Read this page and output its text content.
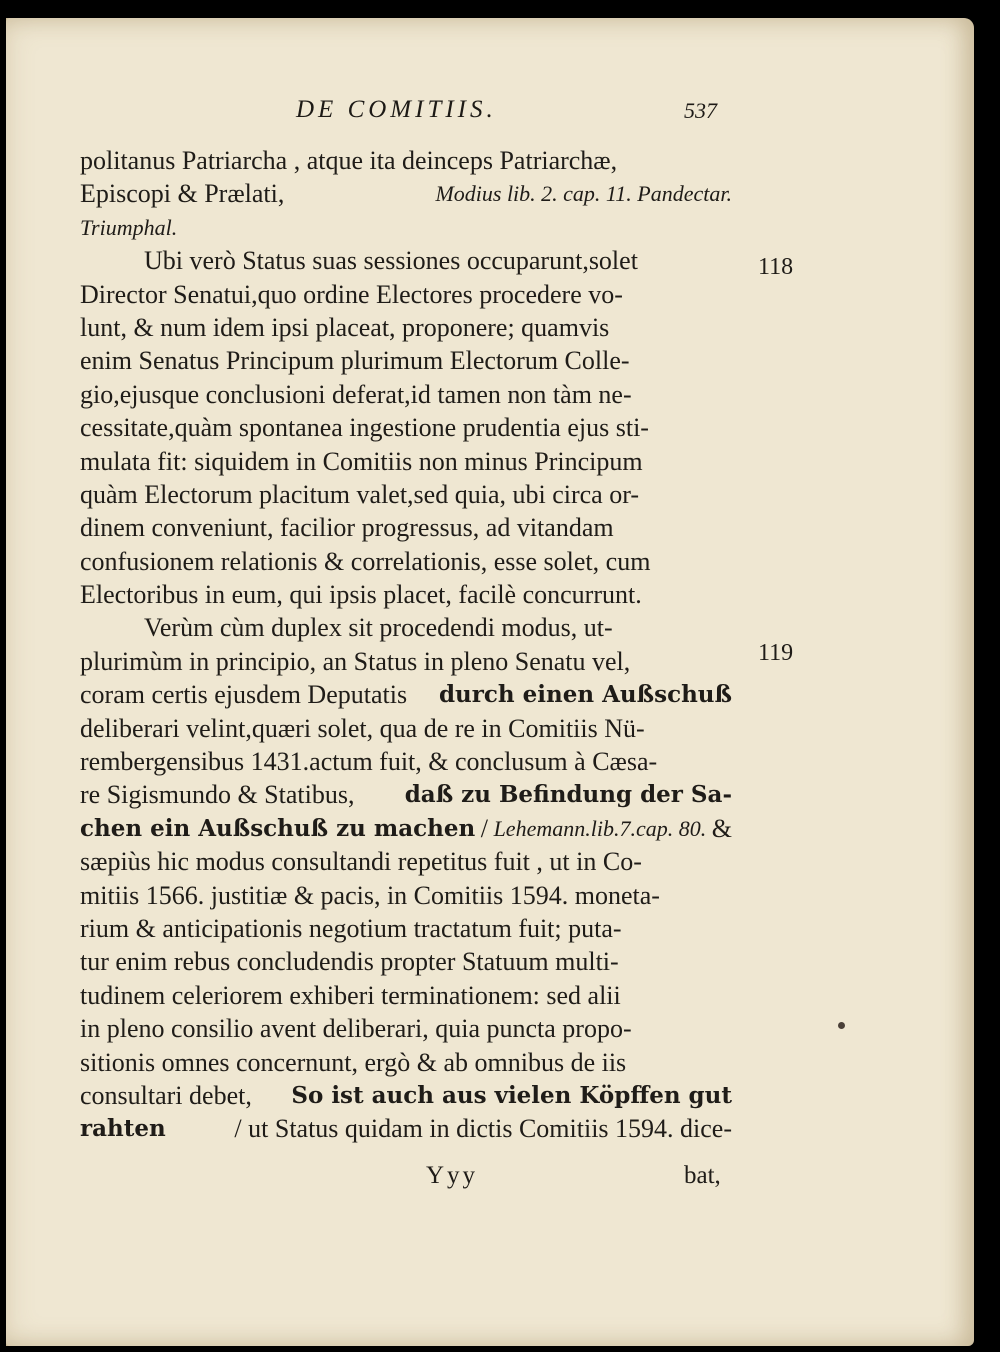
DE COMITIIS.	537
118
119
politanus Patriarcha , atque ita deinceps Patriarchæ,
Episcopi & Prælati,	Modius lib. 2. cap. 11. Pandectar.
Triumphal.
Ubi verò Status suas sessiones occuparunt,solet
Director Senatui,quo ordine Electores procedere vo-
lunt, & num idem ipsi placeat, proponere; quamvis
enim Senatus Principum plurimum Electorum Colle-
gio,ejusque conclusioni deferat,id tamen non tàm ne-
cessitate,quàm spontanea ingestione prudentia ejus sti-
mulata fit: siquidem in Comitiis non minus Principum
quàm Electorum placitum valet,sed quia, ubi circa or-
dinem conveniunt, facilior progressus, ad vitandam
confusionem relationis & correlationis, esse solet, cum
Electoribus in eum, qui ipsis placet, facilè concurrunt.
Verùm cùm duplex sit procedendi modus, ut-
plurimùm in principio, an Status in pleno Senatu vel,
coram certis ejusdem Deputatis durch einen Außschuß
deliberari velint,quæri solet, qua de re in Comitiis Nü-
rembergensibus 1431.actum fuit, & conclusum à Cæsa-
re Sigismundo & Statibus, daß zu Befindung der Sa-
chen ein Außschuß zu machen / Lehemann.lib.7.cap. 80. &
sæpiùs hic modus consultandi repetitus fuit , ut in Co-
mitiis 1566. justitiæ & pacis, in Comitiis 1594. moneta-
rium & anticipationis negotium tractatum fuit; puta-
tur enim rebus concludendis propter Statuum multi-
tudinem celeriorem exhiberi terminationem: sed alii
in pleno consilio avent deliberari, quia puncta propo-
sitionis omnes concernunt, ergò & ab omnibus de iis
consultari debet, So ist auch aus vielen Köpffen gut
rahten	/ ut Status quidam in dictis Comitiis 1594. dice-
Yyy	bat,
